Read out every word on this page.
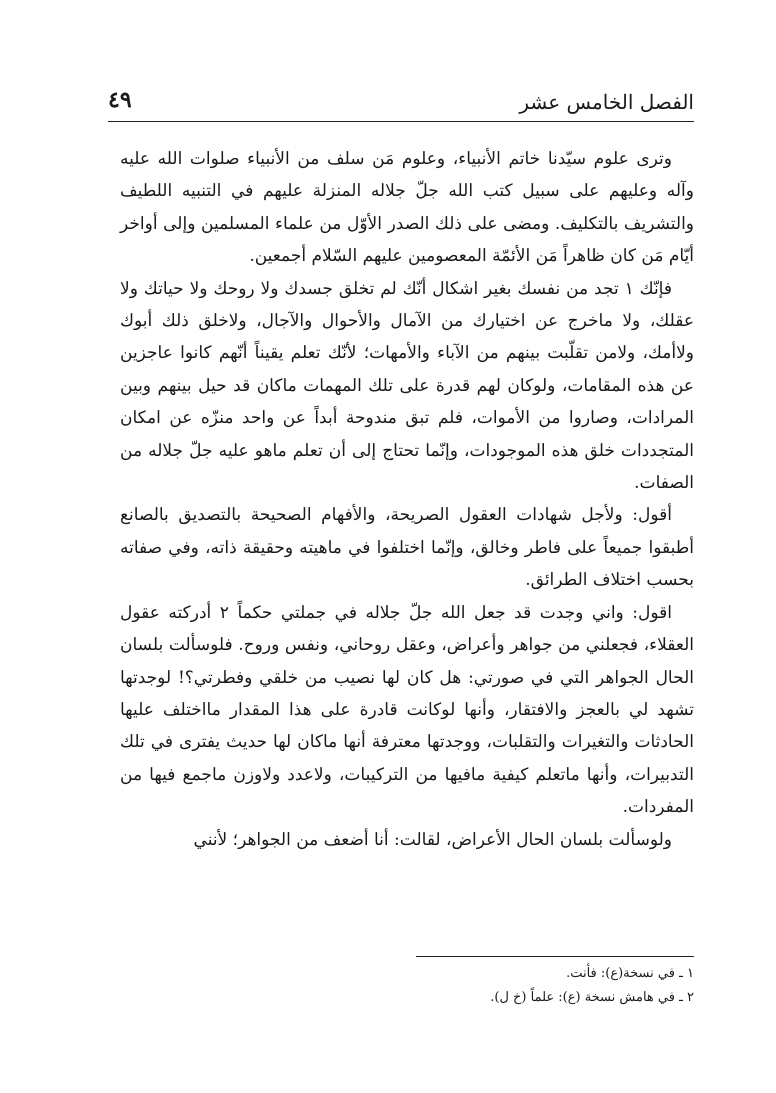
الفصل الخامس عشر
٤٩

وترى علوم سيّدنا خاتم الأنبياء، وعلوم مَن سلف من الأنبياء صلوات الله عليه وآله وعليهم على سبيل كتب الله جلّ جلاله المنزلة عليهم في التنبيه اللطيف والتشريف بالتكليف. ومضى على ذلك الصدر الأوّل من علماء المسلمين وإلى أواخر أيّام مَن كان ظاهراً مَن الأئمّة المعصومين عليهم السّلام أجمعين.

فإنّك ١ تجد من نفسك بغير اشكال أنّك لم تخلق جسدك ولا روحك ولا حياتك ولا عقلك، ولا ماخرج عن اختيارك من الآمال والأحوال والآجال، ولاخلق ذلك أبوك ولاأمك، ولامن تقلّبت بينهم من الآباء والأمهات؛ لأنّك تعلم يقيناً أنّهم كانوا عاجزين عن هذه المقامات، ولوكان لهم قدرة على تلك المهمات ماكان قد حيل بينهم وبين المرادات، وصاروا من الأموات، فلم تبق مندوحة أبداً عن واحد منزّه عن امكان المتجددات خلق هذه الموجودات، وإنّما تحتاج إلى أن تعلم ماهو عليه جلّ جلاله من الصفات.

أقول: ولأجل شهادات العقول الصريحة، والأفهام الصحيحة بالتصديق بالصانع أطبقوا جميعاً على فاطر وخالق، وإنّما اختلفوا في ماهيته وحقيقة ذاته، وفي صفاته بحسب اختلاف الطرائق.

اقول: واني وجدت قد جعل الله جلّ جلاله في جملتي حكماً ٢ أدركته عقول العقلاء، فجعلني من جواهر وأعراض، وعقل روحاني، ونفس وروح. فلوسألت بلسان الحال الجواهر التي في صورتي: هل كان لها نصيب من خلقي وفطرتي؟! لوجدتها تشهد لي بالعجز والافتقار، وأنها لوكانت قادرة على هذا المقدار مااختلف عليها الحادثات والتغيرات والتقلبات، ووجدتها معترفة أنها ماكان لها حديث يفترى في تلك التدبيرات، وأنها ماتعلم كيفية مافيها من التركيبات، ولاعدد ولاوزن ماجمع فيها من المفردات.

ولوسألت بلسان الحال الأعراض، لقالت: أنا أضعف من الجواهر؛ لأنني

١ ـ في نسخة(ع): فأنت.
٢ ـ في هامش نسخة (ع): علماً (خ ل).
